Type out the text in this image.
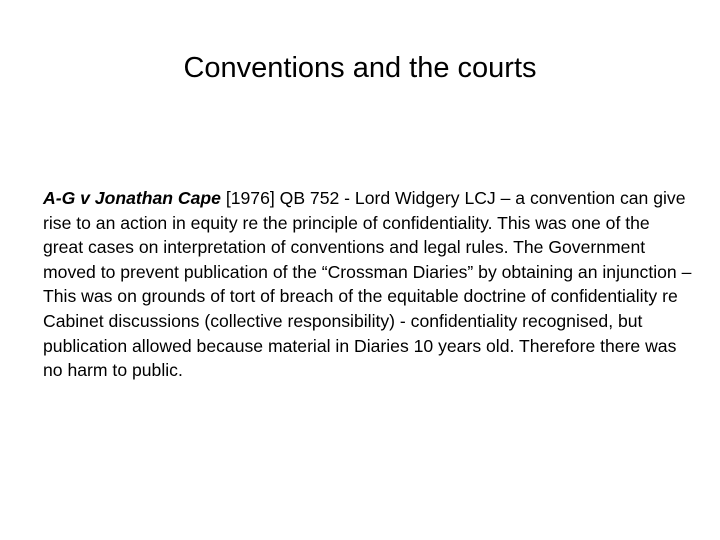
Conventions and the courts

A-G v Jonathan Cape [1976] QB 752 - Lord Widgery LCJ – a convention can give rise to an action in equity re the principle of confidentiality. This was one of the great cases on interpretation of conventions and legal rules. The Government moved to prevent publication of the “Crossman Diaries” by obtaining an injunction – This was on grounds of tort of breach of the equitable doctrine of confidentiality re Cabinet discussions (collective responsibility) - confidentiality recognised, but publication allowed because material in Diaries 10 years old. Therefore there was no harm to public.
